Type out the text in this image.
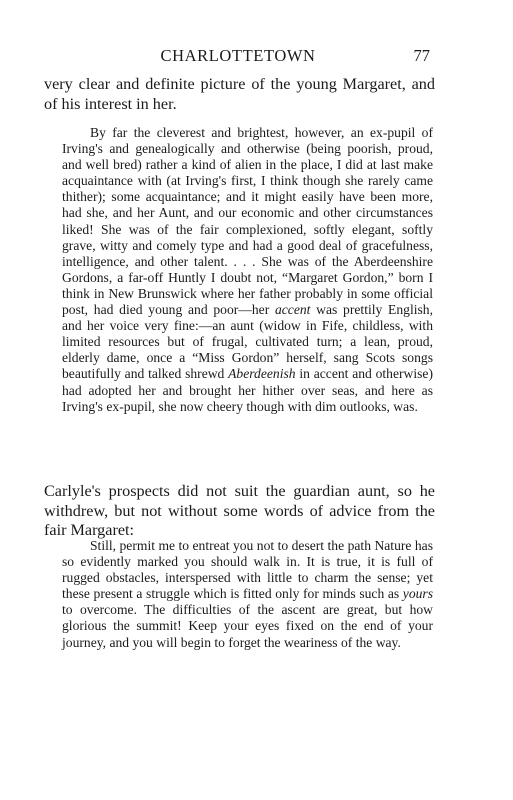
CHARLOTTETOWN	77

very clear and definite picture of the young Margaret, and of his interest in her.

By far the cleverest and brightest, however, an ex-pupil of Irving's and genealogically and otherwise (being poorish, proud, and well bred) rather a kind of alien in the place, I did at last make acquaintance with (at Irving's first, I think though she rarely came thither); some acquaintance; and it might easily have been more, had she, and her Aunt, and our economic and other circumstances liked! She was of the fair complexioned, softly elegant, softly grave, witty and comely type and had a good deal of gracefulness, intelligence, and other talent. . . . She was of the Aberdeenshire Gordons, a far-off Huntly I doubt not, “Margaret Gordon,” born I think in New Brunswick where her father probably in some official post, had died young and poor—her accent was prettily English, and her voice very fine:—an aunt (widow in Fife, childless, with limited resources but of frugal, cultivated turn; a lean, proud, elderly dame, once a “Miss Gordon” herself, sang Scots songs beautifully and talked shrewd Aberdeenish in accent and otherwise) had adopted her and brought her hither over seas, and here as Irving's ex-pupil, she now cheery though with dim outlooks, was.

Carlyle's prospects did not suit the guardian aunt, so he withdrew, but not without some words of advice from the fair Margaret:

Still, permit me to entreat you not to desert the path Nature has so evidently marked you should walk in. It is true, it is full of rugged obstacles, interspersed with little to charm the sense; yet these present a struggle which is fitted only for minds such as yours to overcome. The difficulties of the ascent are great, but how glorious the summit! Keep your eyes fixed on the end of your journey, and you will begin to forget the weariness of the way.
